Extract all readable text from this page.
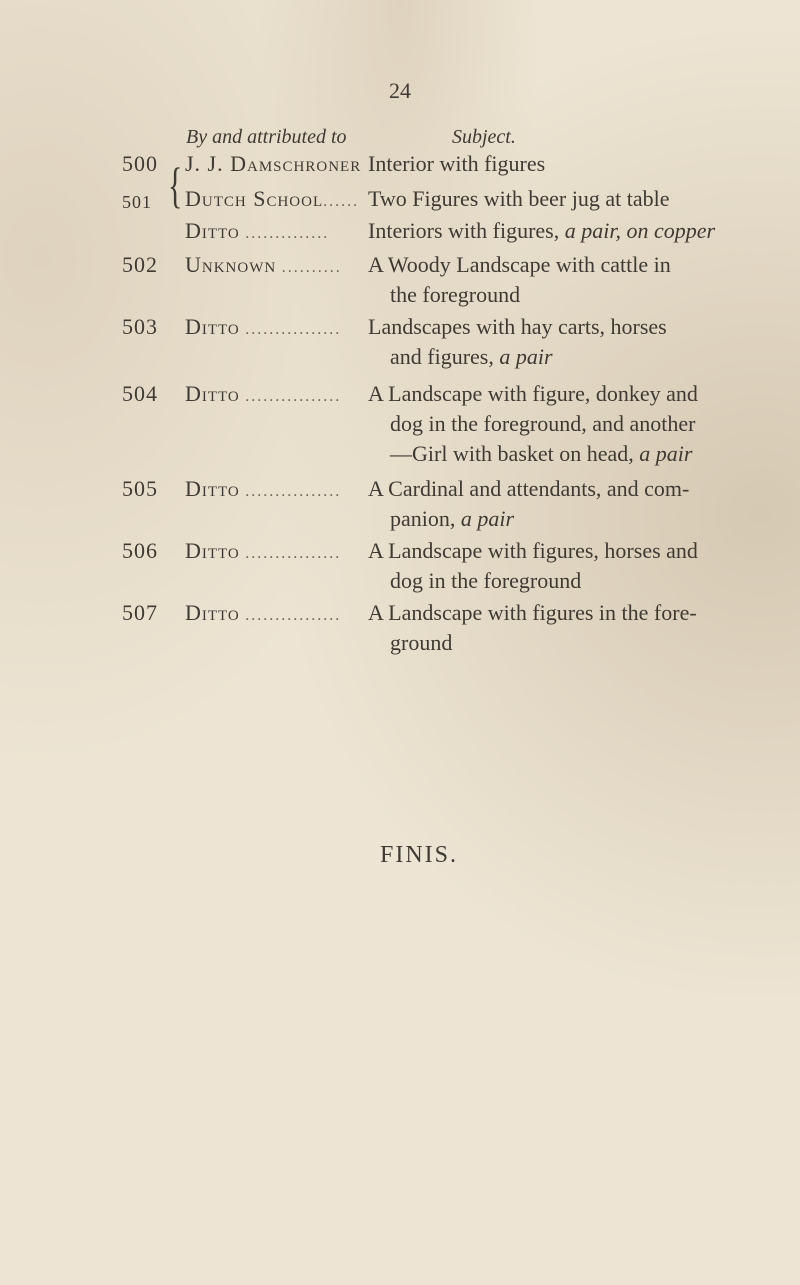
24
By and attributed to	Subject.
{
500 J. J. Damschroner Interior with figures
501 Dutch School...... Two Figures with beer jug at table
Ditto .............. Interiors with figures, a pair, on copper
502 Unknown .......... A Woody Landscape with cattle in
the foreground
503 Ditto ................ Landscapes with hay carts, horses
and figures, a pair
504 Ditto ................ A Landscape with figure, donkey and
dog in the foreground, and another
—Girl with basket on head, a pair
505 Ditto ................ A Cardinal and attendants, and com-
panion, a pair
506 Ditto ................ A Landscape with figures, horses and
dog in the foreground
507 Ditto ................ A Landscape with figures in the fore-
ground
FINIS.
